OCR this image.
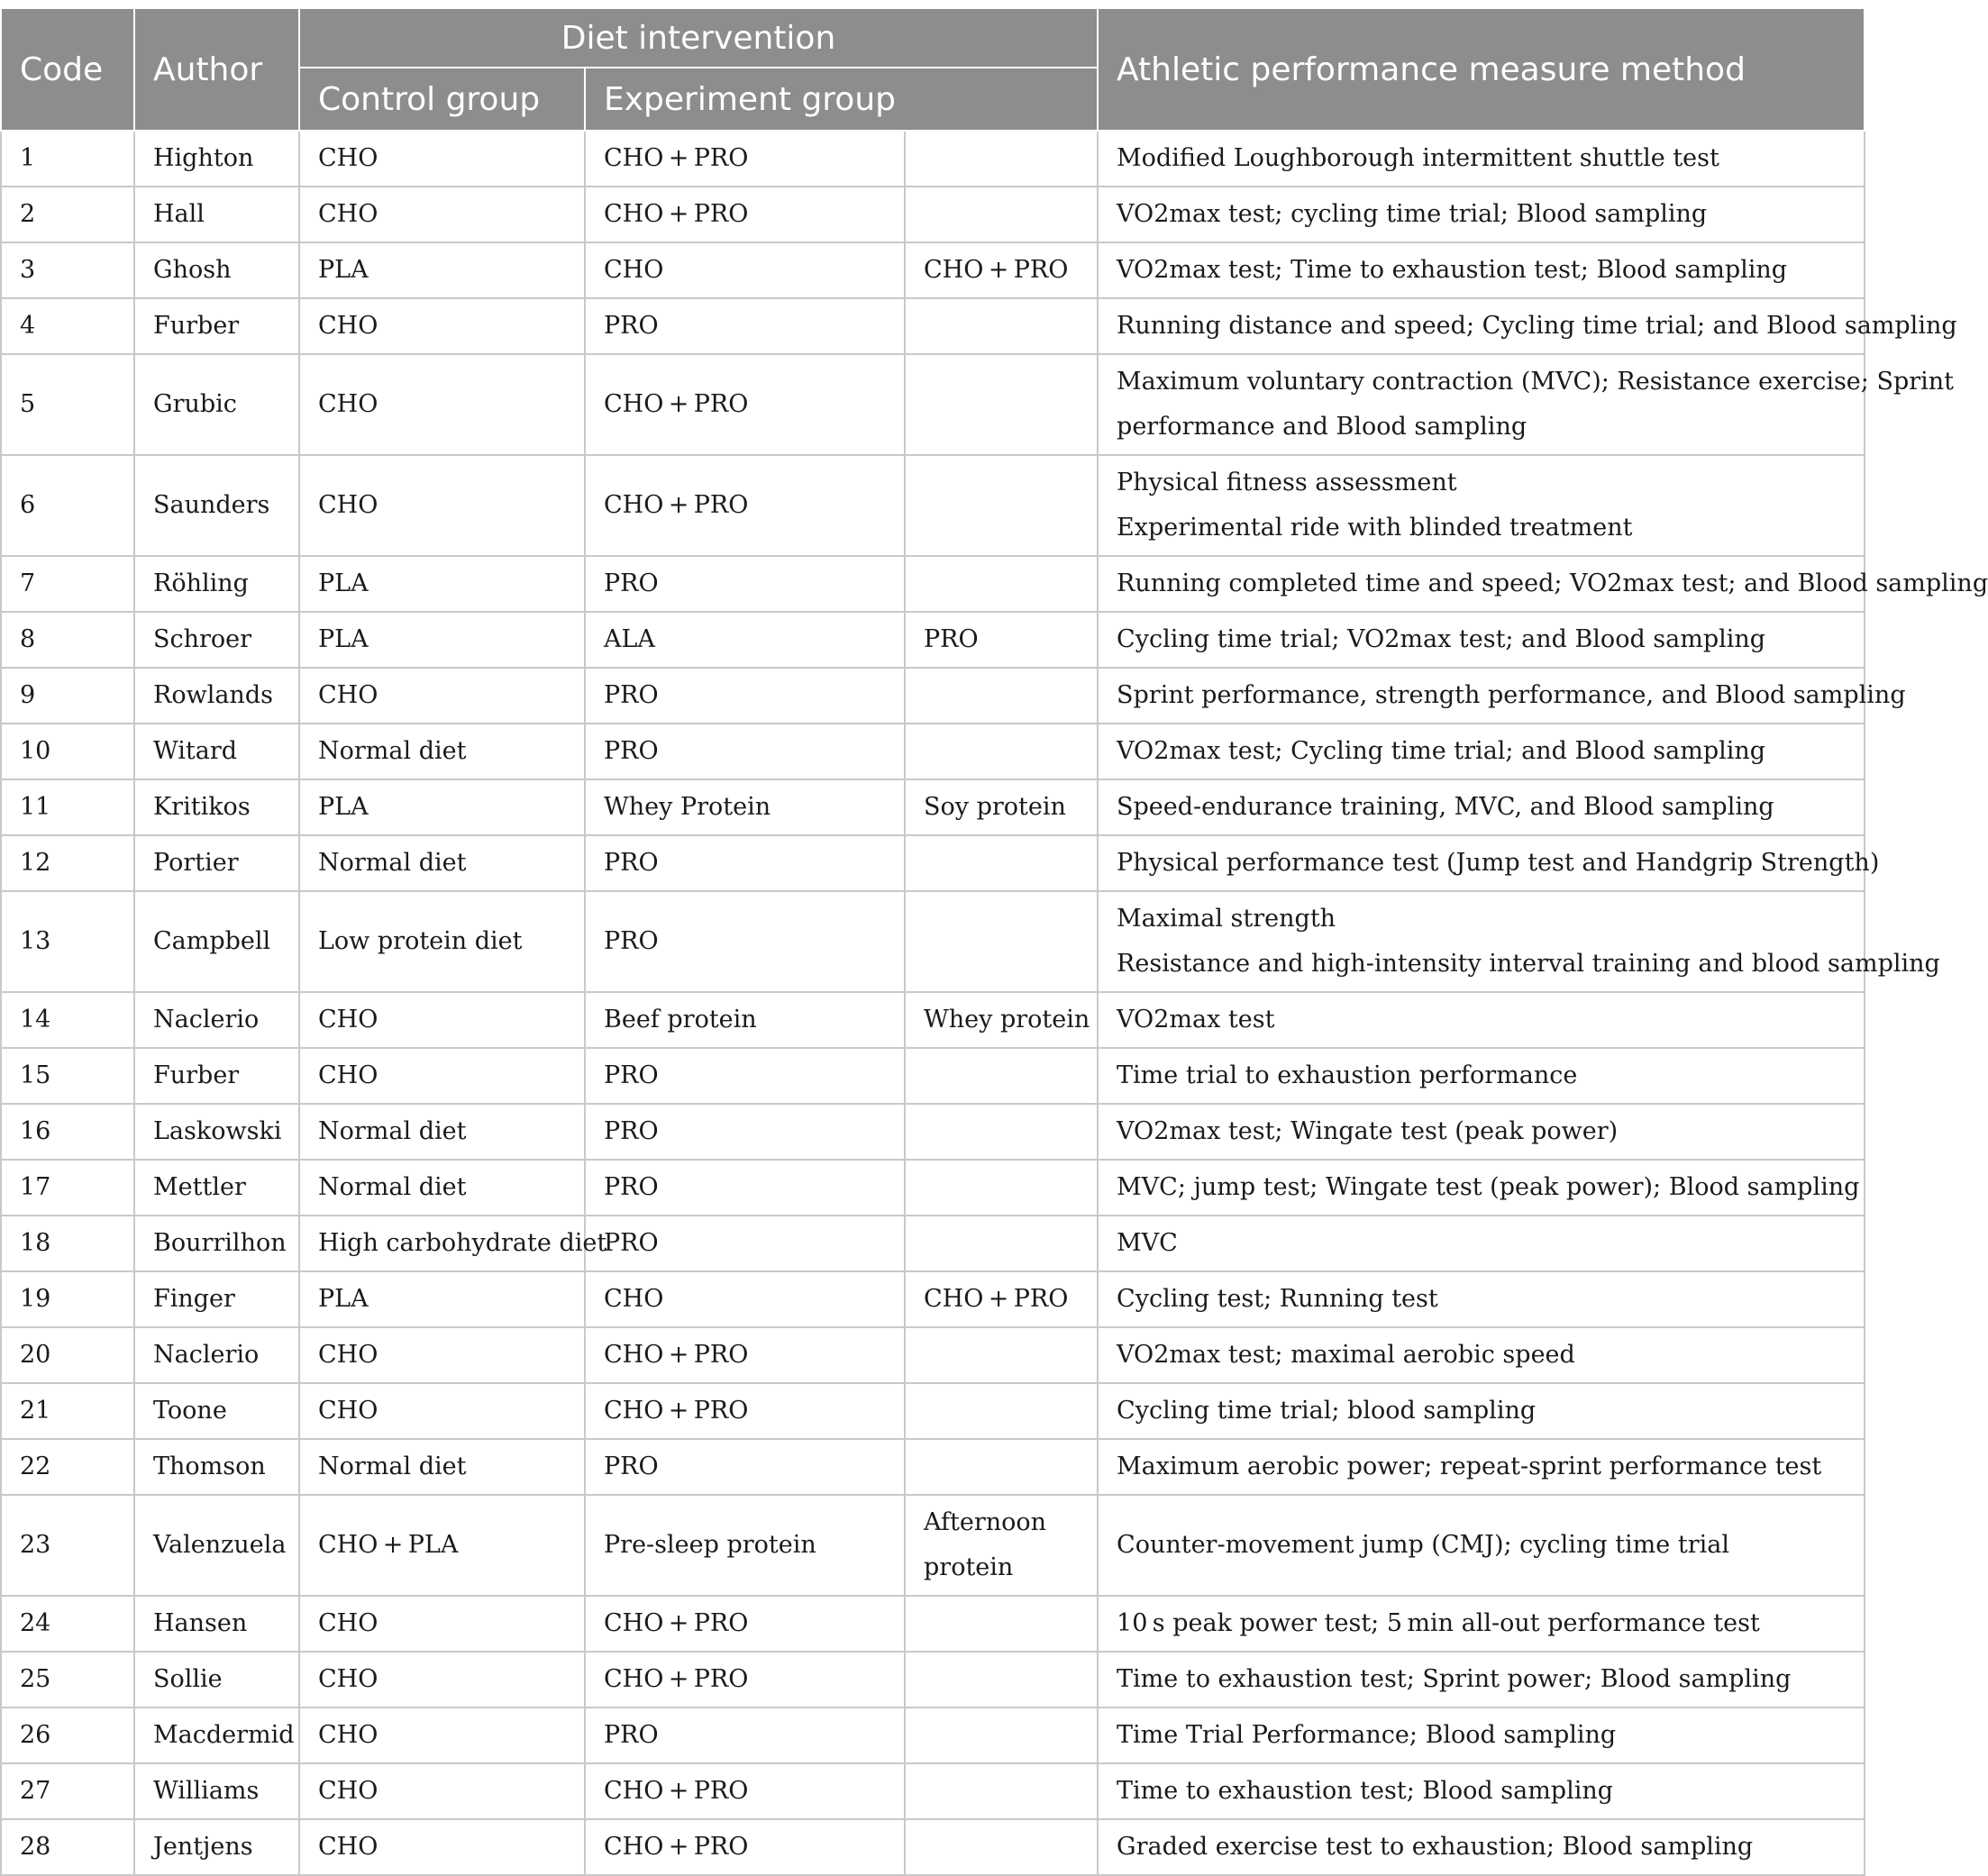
Code	Author	Diet intervention			Athletic performance measure method
		Control group	Experiment group		
1	Highton	CHO	CHO + PRO		Modified Loughborough intermittent shuttle test

2	Hall	CHO	CHO + PRO		VO2max test; cycling time trial; Blood sampling

3	Ghosh	PLA	CHO	CHO + PRO	VO2max test; Time to exhaustion test; Blood sampling

4	Furber	CHO	PRO		Running distance and speed; Cycling time trial; and Blood sampling

5	Grubic	CHO	CHO + PRO		Maximum voluntary contraction (MVC); Resistance exercise; Sprint
performance and Blood sampling

6	Saunders	CHO	CHO + PRO		Physical fitness assessment
Experimental ride with blinded treatment

7	Röhling	PLA	PRO		Running completed time and speed; VO2max test; and Blood sampling

8	Schroer	PLA	ALA	PRO	Cycling time trial; VO2max test; and Blood sampling

9	Rowlands	CHO	PRO		Sprint performance, strength performance, and Blood sampling

10	Witard	Normal diet	PRO		VO2max test; Cycling time trial; and Blood sampling

11	Kritikos	PLA	Whey Protein	Soy protein	Speed-endurance training, MVC, and Blood sampling

12	Portier	Normal diet	PRO		Physical performance test (Jump test and Handgrip Strength)

13	Campbell	Low protein diet	PRO		Maximal strength
Resistance and high-intensity interval training and blood sampling

14	Naclerio	CHO	Beef protein	Whey protein	VO2max test

15	Furber	CHO	PRO		Time trial to exhaustion performance

16	Laskowski	Normal diet	PRO		VO2max test; Wingate test (peak power)

17	Mettler	Normal diet	PRO		MVC; jump test; Wingate test (peak power); Blood sampling

18	Bourrilhon	High carbohydrate diet	PRO		MVC

19	Finger	PLA	CHO	CHO + PRO	Cycling test; Running test

20	Naclerio	CHO	CHO + PRO		VO2max test; maximal aerobic speed

21	Toone	CHO	CHO + PRO		Cycling time trial; blood sampling

22	Thomson	Normal diet	PRO		Maximum aerobic power; repeat-sprint performance test

23	Valenzuela	CHO + PLA	Pre-sleep protein	Afternoon
protein	Counter-movement jump (CMJ); cycling time trial

24	Hansen	CHO	CHO + PRO		10 s peak power test; 5 min all-out performance test

25	Sollie	CHO	CHO + PRO		Time to exhaustion test; Sprint power; Blood sampling

26	Macdermid	CHO	PRO		Time Trial Performance; Blood sampling

27	Williams	CHO	CHO + PRO		Time to exhaustion test; Blood sampling

28	Jentjens	CHO	CHO + PRO		Graded exercise test to exhaustion; Blood sampling
